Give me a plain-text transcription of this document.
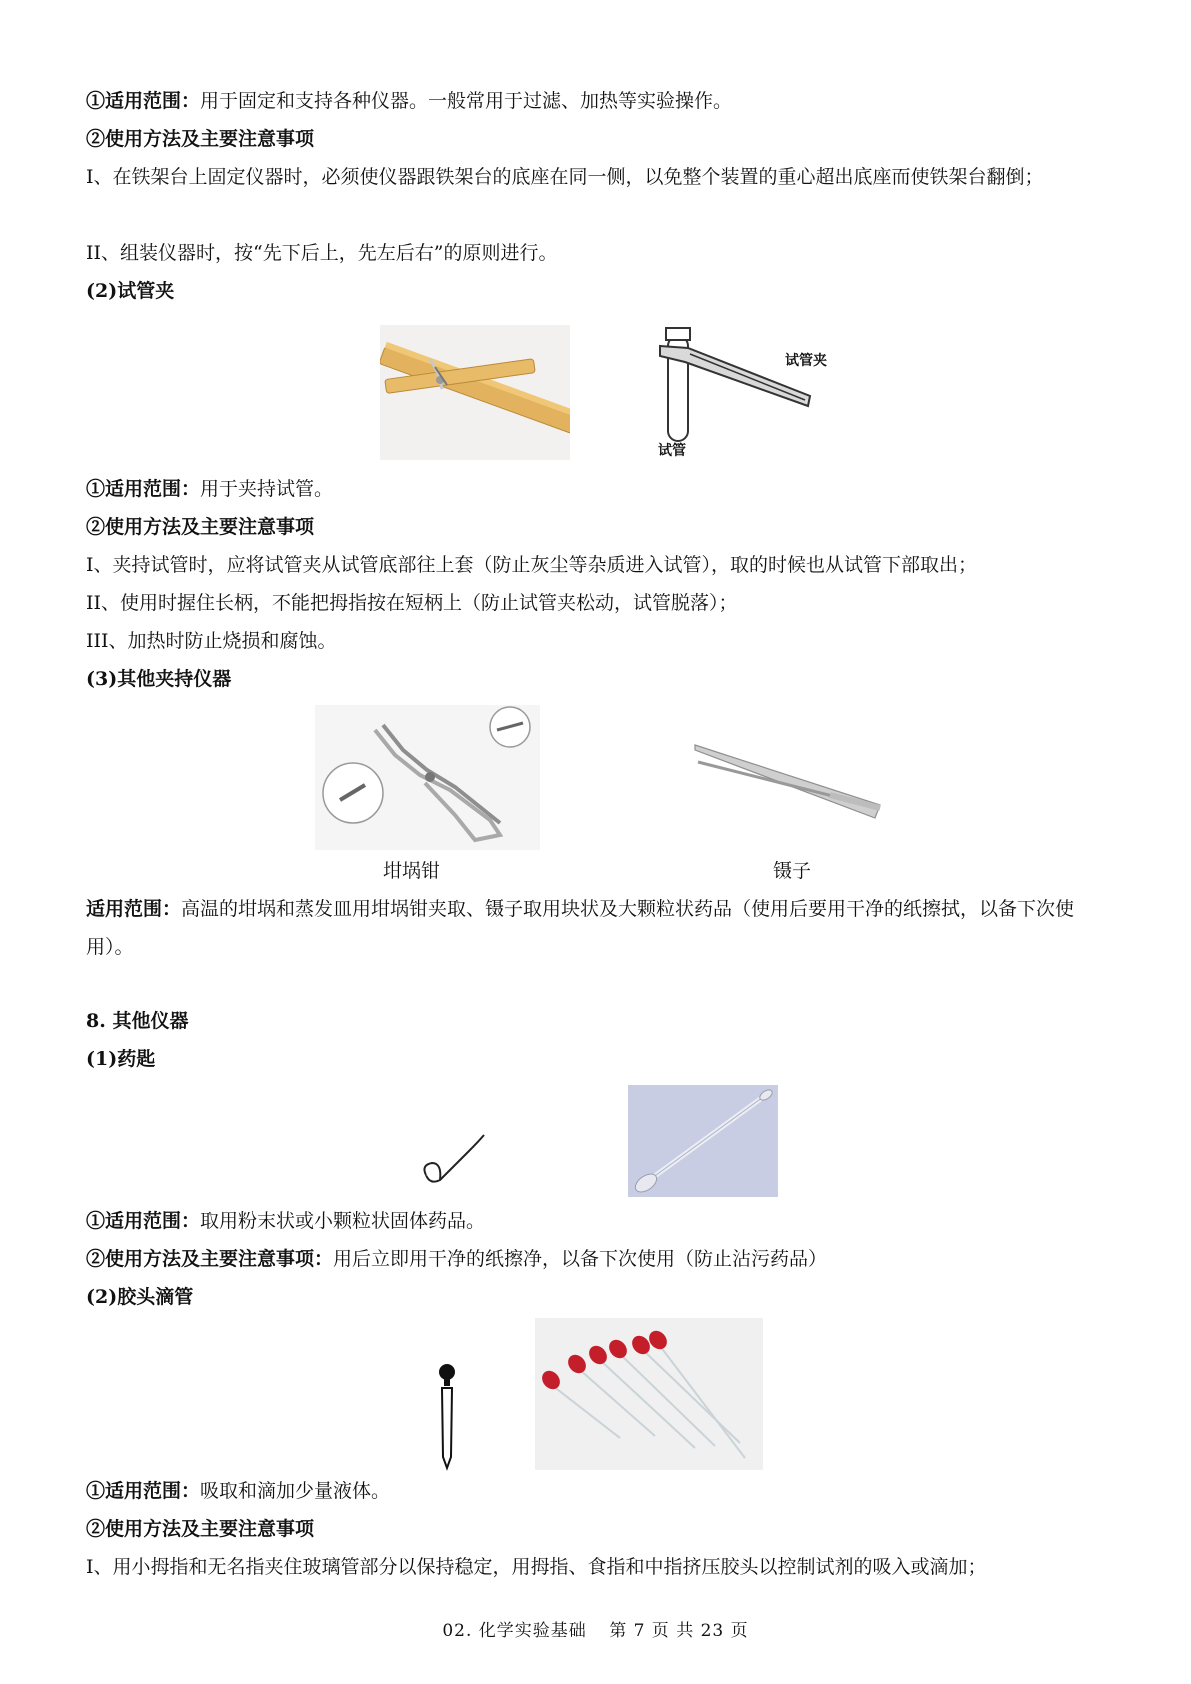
①适用范围：用于固定和支持各种仪器。一般常用于过滤、加热等实验操作。
②使用方法及主要注意事项
I、在铁架台上固定仪器时，必须使仪器跟铁架台的底座在同一侧，以免整个装置的重心超出底座而使铁架台翻倒；
II、组装仪器时，按“先下后上，先左后右”的原则进行。
(2)试管夹
试管夹
试管
①适用范围：用于夹持试管。
②使用方法及主要注意事项
I、夹持试管时，应将试管夹从试管底部往上套（防止灰尘等杂质进入试管），取的时候也从试管下部取出；
II、使用时握住长柄，不能把拇指按在短柄上（防止试管夹松动，试管脱落）；
III、加热时防止烧损和腐蚀。
(3)其他夹持仪器
坩埚钳	镊子
适用范围：高温的坩埚和蒸发皿用坩埚钳夹取、镊子取用块状及大颗粒状药品（使用后要用干净的纸擦拭，以备下次使用）。
8. 其他仪器
(1)药匙
①适用范围：取用粉末状或小颗粒状固体药品。
②使用方法及主要注意事项：用后立即用干净的纸擦净，以备下次使用（防止沾污药品）
(2)胶头滴管
①适用范围：吸取和滴加少量液体。
②使用方法及主要注意事项
I、用小拇指和无名指夹住玻璃管部分以保持稳定，用拇指、食指和中指挤压胶头以控制试剂的吸入或滴加；
02. 化学实验基础 第 7 页 共 23 页
